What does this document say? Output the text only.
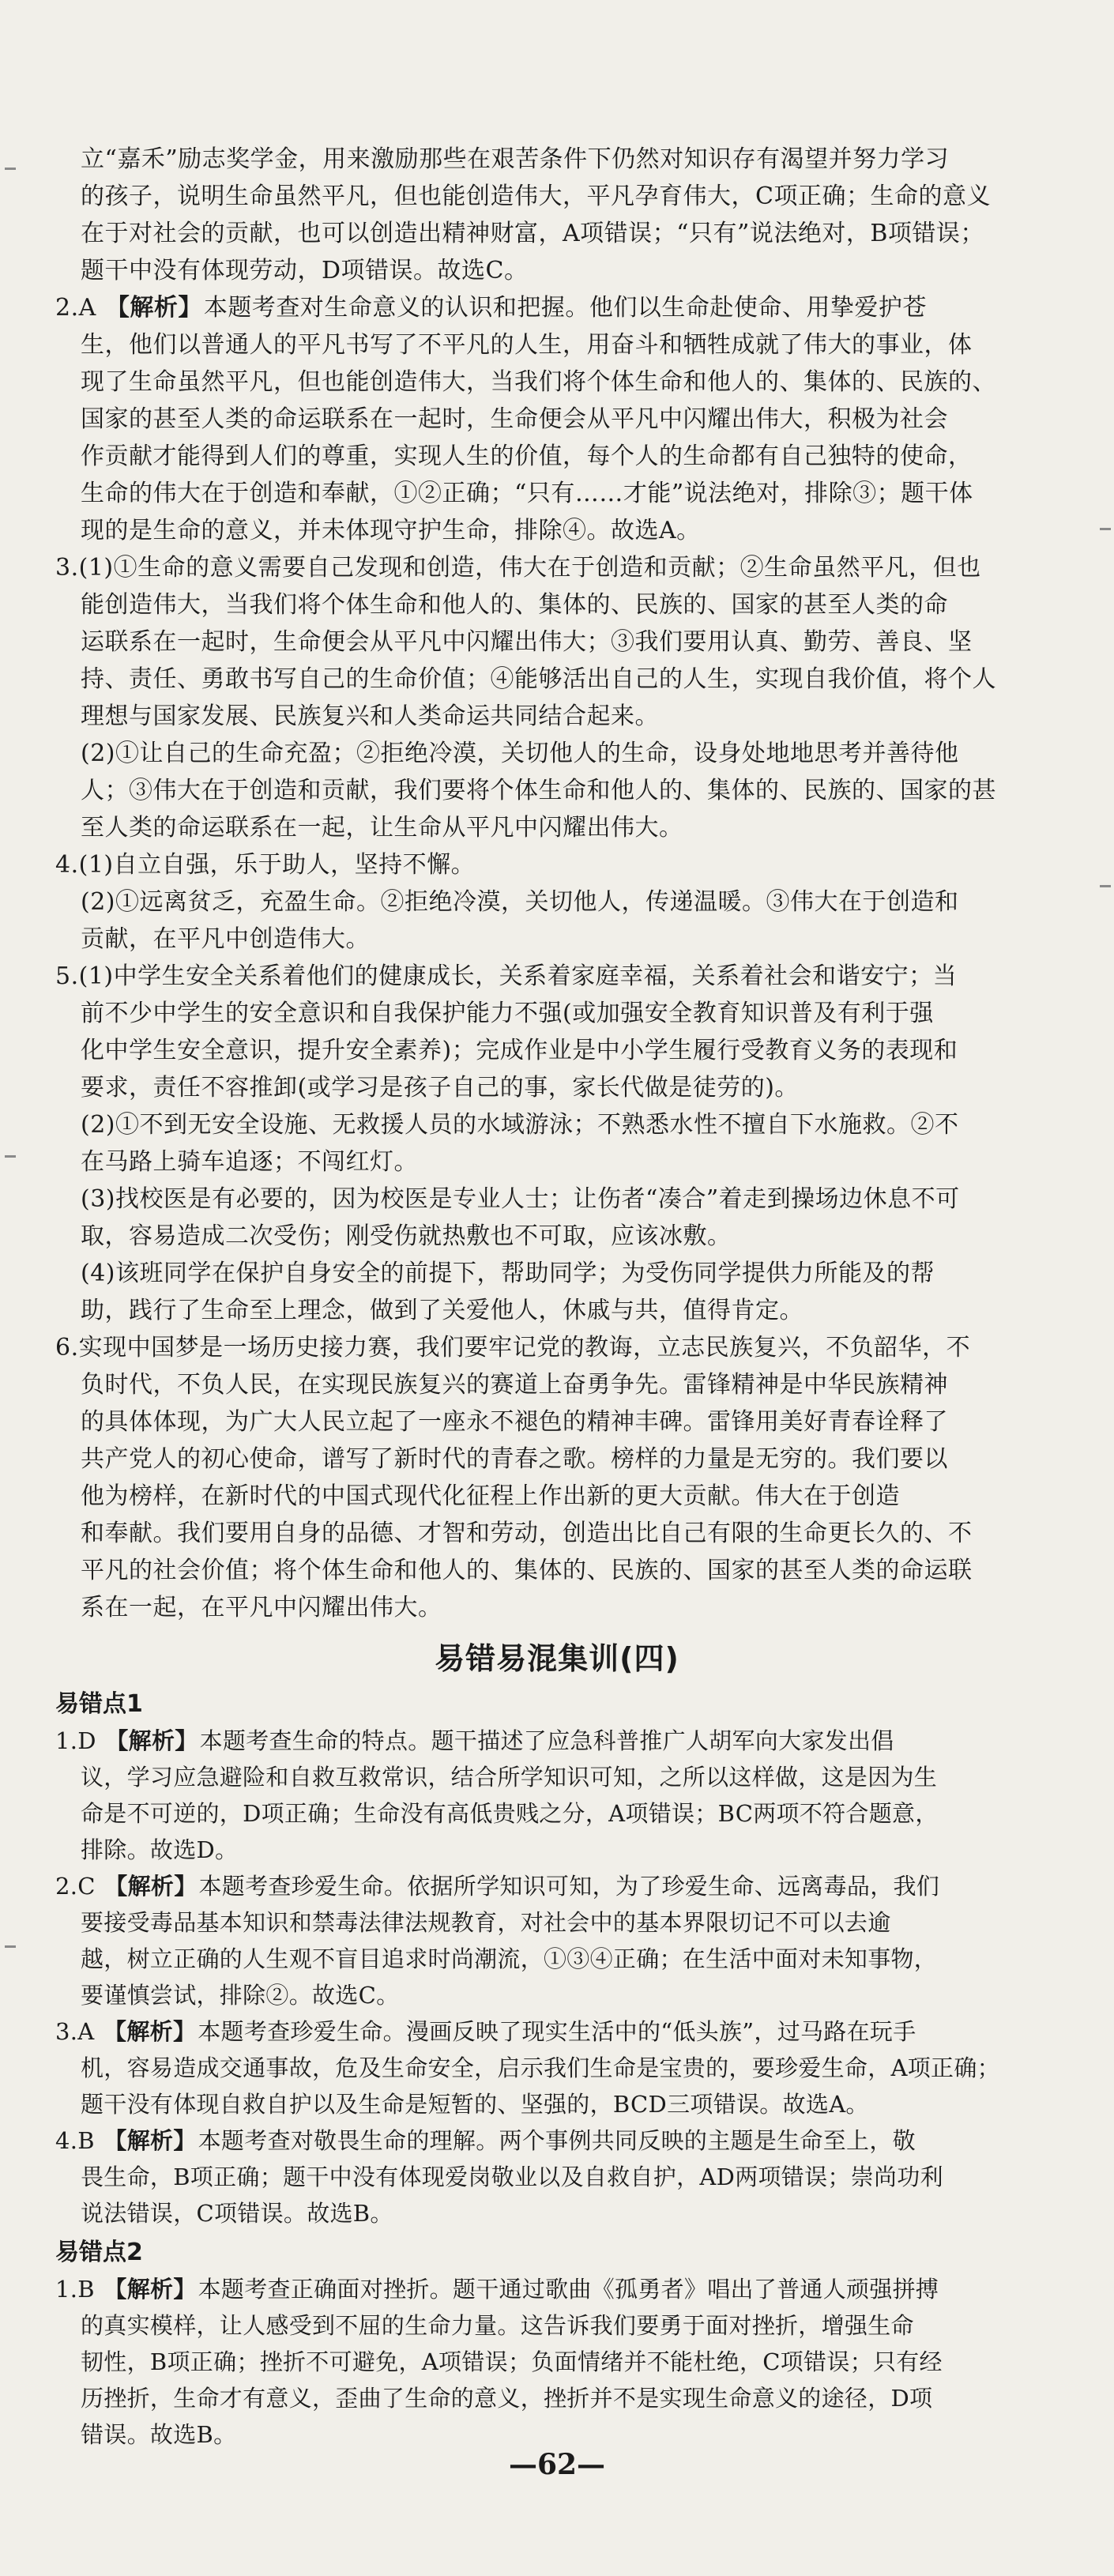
立“嘉禾”励志奖学金，用来激励那些在艰苦条件下仍然对知识存有渴望并努力学习

的孩子，说明生命虽然平凡，但也能创造伟大，平凡孕育伟大，C项正确；生命的意义

在于对社会的贡献，也可以创造出精神财富，A项错误；“只有”说法绝对，B项错误；

题干中没有体现劳动，D项错误。故选C。

2.A 【解析】本题考查对生命意义的认识和把握。他们以生命赴使命、用挚爱护苍

生，他们以普通人的平凡书写了不平凡的人生，用奋斗和牺牲成就了伟大的事业，体

现了生命虽然平凡，但也能创造伟大，当我们将个体生命和他人的、集体的、民族的、

国家的甚至人类的命运联系在一起时，生命便会从平凡中闪耀出伟大，积极为社会

作贡献才能得到人们的尊重，实现人生的价值，每个人的生命都有自己独特的使命，

生命的伟大在于创造和奉献，①②正确；“只有……才能”说法绝对，排除③；题干体

现的是生命的意义，并未体现守护生命，排除④。故选A。

3.(1)①生命的意义需要自己发现和创造，伟大在于创造和贡献；②生命虽然平凡，但也

能创造伟大，当我们将个体生命和他人的、集体的、民族的、国家的甚至人类的命

运联系在一起时，生命便会从平凡中闪耀出伟大；③我们要用认真、勤劳、善良、坚

持、责任、勇敢书写自己的生命价值；④能够活出自己的人生，实现自我价值，将个人

理想与国家发展、民族复兴和人类命运共同结合起来。

(2)①让自己的生命充盈；②拒绝冷漠，关切他人的生命，设身处地地思考并善待他

人；③伟大在于创造和贡献，我们要将个体生命和他人的、集体的、民族的、国家的甚

至人类的命运联系在一起，让生命从平凡中闪耀出伟大。

4.(1)自立自强，乐于助人，坚持不懈。

(2)①远离贫乏，充盈生命。②拒绝冷漠，关切他人，传递温暖。③伟大在于创造和

贡献，在平凡中创造伟大。

5.(1)中学生安全关系着他们的健康成长，关系着家庭幸福，关系着社会和谐安宁；当

前不少中学生的安全意识和自我保护能力不强(或加强安全教育知识普及有利于强

化中学生安全意识，提升安全素养)；完成作业是中小学生履行受教育义务的表现和

要求，责任不容推卸(或学习是孩子自己的事，家长代做是徒劳的)。

(2)①不到无安全设施、无救援人员的水域游泳；不熟悉水性不擅自下水施救。②不

在马路上骑车追逐；不闯红灯。

(3)找校医是有必要的，因为校医是专业人士；让伤者“凑合”着走到操场边休息不可

取，容易造成二次受伤；刚受伤就热敷也不可取，应该冰敷。

(4)该班同学在保护自身安全的前提下，帮助同学；为受伤同学提供力所能及的帮

助，践行了生命至上理念，做到了关爱他人，休戚与共，值得肯定。

6.实现中国梦是一场历史接力赛，我们要牢记党的教诲，立志民族复兴，不负韶华，不

负时代，不负人民，在实现民族复兴的赛道上奋勇争先。雷锋精神是中华民族精神

的具体体现，为广大人民立起了一座永不褪色的精神丰碑。雷锋用美好青春诠释了

共产党人的初心使命，谱写了新时代的青春之歌。榜样的力量是无穷的。我们要以

他为榜样，在新时代的中国式现代化征程上作出新的更大贡献。伟大在于创造

和奉献。我们要用自身的品德、才智和劳动，创造出比自己有限的生命更长久的、不

平凡的社会价值；将个体生命和他人的、集体的、民族的、国家的甚至人类的命运联

系在一起，在平凡中闪耀出伟大。

易错易混集训(四)
易错点1

1.D 【解析】本题考查生命的特点。题干描述了应急科普推广人胡军向大家发出倡

议，学习应急避险和自救互救常识，结合所学知识可知，之所以这样做，这是因为生

命是不可逆的，D项正确；生命没有高低贵贱之分，A项错误；BC两项不符合题意，

排除。故选D。

2.C 【解析】本题考查珍爱生命。依据所学知识可知，为了珍爱生命、远离毒品，我们

要接受毒品基本知识和禁毒法律法规教育，对社会中的基本界限切记不可以去逾

越，树立正确的人生观不盲目追求时尚潮流，①③④正确；在生活中面对未知事物，

要谨慎尝试，排除②。故选C。

3.A 【解析】本题考查珍爱生命。漫画反映了现实生活中的“低头族”，过马路在玩手

机，容易造成交通事故，危及生命安全，启示我们生命是宝贵的，要珍爱生命，A项正确；

题干没有体现自救自护以及生命是短暂的、坚强的，BCD三项错误。故选A。

4.B 【解析】本题考查对敬畏生命的理解。两个事例共同反映的主题是生命至上，敬

畏生命，B项正确；题干中没有体现爱岗敬业以及自救自护，AD两项错误；崇尚功利

说法错误，C项错误。故选B。

易错点2

1.B 【解析】本题考查正确面对挫折。题干通过歌曲《孤勇者》唱出了普通人顽强拼搏

的真实模样，让人感受到不屈的生命力量。这告诉我们要勇于面对挫折，增强生命

韧性，B项正确；挫折不可避免，A项错误；负面情绪并不能杜绝，C项错误；只有经

历挫折，生命才有意义，歪曲了生命的意义，挫折并不是实现生命意义的途径，D项

错误。故选B。

—62—
